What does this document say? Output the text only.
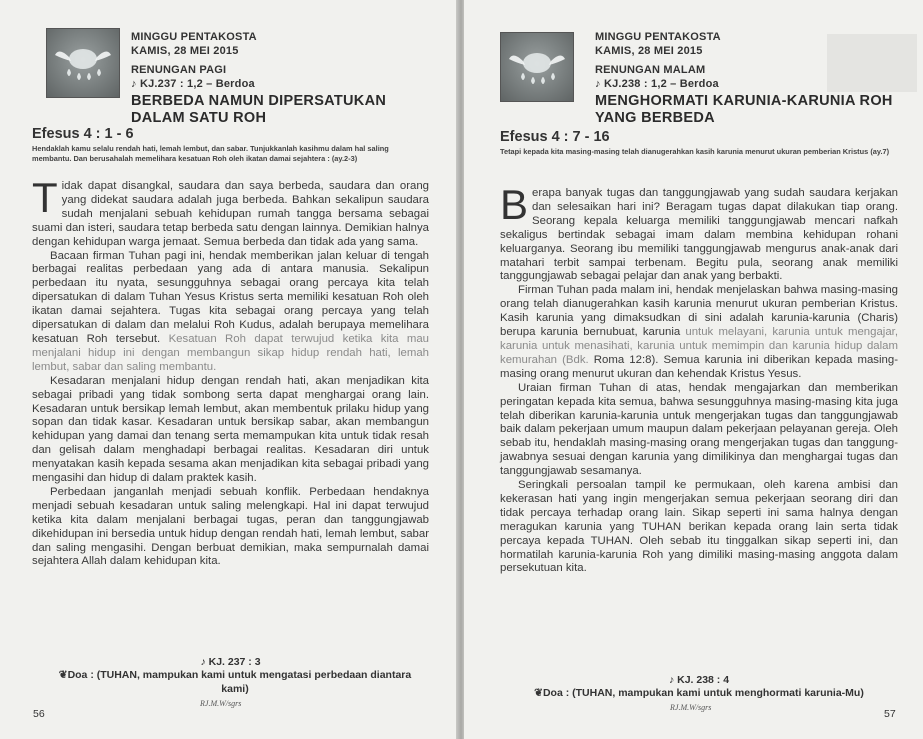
MINGGU PENTAKOSTA
KAMIS, 28 MEI 2015
RENUNGAN PAGI
♪ KJ.237 : 1,2 – Berdoa
BERBEDA NAMUN DIPERSATUKAN DALAM SATU ROH
Efesus 4 : 1 - 6
Hendaklah kamu selalu rendah hati, lemah lembut, dan sabar. Tunjukkanlah kasihmu dalam hal saling membantu. Dan berusahalah memelihara kesatuan Roh oleh ikatan damai sejahtera : (ay.2-3)

Tidak dapat disangkal, saudara dan saya berbeda, saudara dan orang yang didekat saudara adalah juga berbeda. Bahkan sekalipun saudara sudah menjalani sebuah kehidupan rumah tangga bersama sebagai suami dan isteri, saudara tetap berbeda satu dengan lainnya. Demikian halnya dengan kehidupan warga jemaat. Semua berbeda dan tidak ada yang sama.

Bacaan firman Tuhan pagi ini, hendak memberikan jalan keluar di tengah berbagai realitas perbedaan yang ada di antara manusia. Sekalipun perbedaan itu nyata, sesungguhnya sebagai orang percaya kita telah dipersatukan di dalam Tuhan Yesus Kristus serta memiliki kesatuan Roh oleh ikatan damai sejahtera. Tugas kita sebagai orang percaya yang telah dipersatukan di dalam dan melalui Roh Kudus, adalah berupaya memelihara kesatuan Roh tersebut. Kesatuan Roh dapat terwujud ketika kita mau menjalani hidup ini dengan membangun sikap hidup rendah hati, lemah lembut, sabar dan saling membantu.

Kesadaran menjalani hidup dengan rendah hati, akan menjadikan kita sebagai pribadi yang tidak sombong serta dapat menghargai orang lain. Kesadaran untuk bersikap lemah lembut, akan membentuk prilaku hidup yang sopan dan tidak kasar. Kesadaran untuk bersikap sabar, akan membangun kehidupan yang damai dan tenang serta memampukan kita untuk tidak resah dan gelisah dalam menghadapi berbagai realitas. Kesadaran diri untuk menyatakan kasih kepada sesama akan menjadikan kita sebagai pribadi yang mengasihi dan hidup di dalam praktek kasih.

Perbedaan janganlah menjadi sebuah konflik. Perbedaan hendaknya menjadi sebuah kesadaran untuk saling melengkapi. Hal ini dapat terwujud ketika kita dalam menjalani berbagai tugas, peran dan tanggungjawab dikehidupan ini bersedia untuk hidup dengan rendah hati, lemah lembut, sabar dan saling mengasihi. Dengan berbuat demikian, maka sempurnalah damai sejahtera Allah dalam kehidupan kita.

♪ KJ. 237 : 3
❦Doa : (TUHAN, mampukan kami untuk mengatasi perbedaan diantara kami)
RJ.M.W/sgrs
56
MINGGU PENTAKOSTA
KAMIS, 28 MEI 2015
RENUNGAN MALAM
♪ KJ.238 : 1,2 – Berdoa
MENGHORMATI KARUNIA-KARUNIA ROH YANG BERBEDA
Efesus 4 : 7 - 16
Tetapi kepada kita masing-masing telah dianugerahkan kasih karunia menurut ukuran pemberian Kristus (ay.7)

Berapa banyak tugas dan tanggungjawab yang sudah saudara kerjakan dan selesaikan hari ini? Beragam tugas dapat dilakukan tiap orang. Seorang kepala keluarga memiliki tanggungjawab mencari nafkah sekaligus bertindak sebagai imam dalam membina kehidupan rohani keluarganya. Seorang ibu memiliki tanggungjawab mengurus anak-anak dari matahari terbit sampai terbenam. Begitu pula, seorang anak memiliki tanggungjawab sebagai pelajar dan anak yang berbakti.

Firman Tuhan pada malam ini, hendak menjelaskan bahwa masing-masing orang telah dianugerahkan kasih karunia menurut ukuran pemberian Kristus. Kasih karunia yang dimaksudkan di sini adalah karunia-karunia (Charis) berupa karunia bernubuat, karunia untuk melayani, karunia untuk mengajar, karunia untuk menasihati, karunia untuk memimpin dan karunia hidup dalam kemurahan (Bdk. Roma 12:8). Semua karunia ini diberikan kepada masing-masing orang menurut ukuran dan kehendak Kristus Yesus.

Uraian firman Tuhan di atas, hendak mengajarkan dan memberikan peringatan kepada kita semua, bahwa sesungguhnya masing-masing kita juga telah diberikan karunia-karunia untuk mengerjakan tugas dan tanggungjawab baik dalam pekerjaan umum maupun dalam pekerjaan pelayanan gereja. Oleh sebab itu, hendaklah masing-masing orang mengerjakan tugas dan tanggung-jawabnya sesuai dengan karunia yang dimilikinya dan menghargai tugas dan tanggungjawab sesamanya.

Seringkali persoalan tampil ke permukaan, oleh karena ambisi dan kekerasan hati yang ingin mengerjakan semua pekerjaan seorang diri dan tidak percaya terhadap orang lain. Sikap seperti ini sama halnya dengan meragukan karunia yang TUHAN berikan kepada orang lain serta tidak percaya kepada TUHAN. Oleh sebab itu tinggalkan sikap seperti ini, dan hormatilah karunia-karunia Roh yang dimiliki masing-masing anggota dalam persekutuan kita.

♪ KJ. 238 : 4
❦Doa : (TUHAN, mampukan kami untuk menghormati karunia-Mu)
RJ.M.W/sgrs
57
